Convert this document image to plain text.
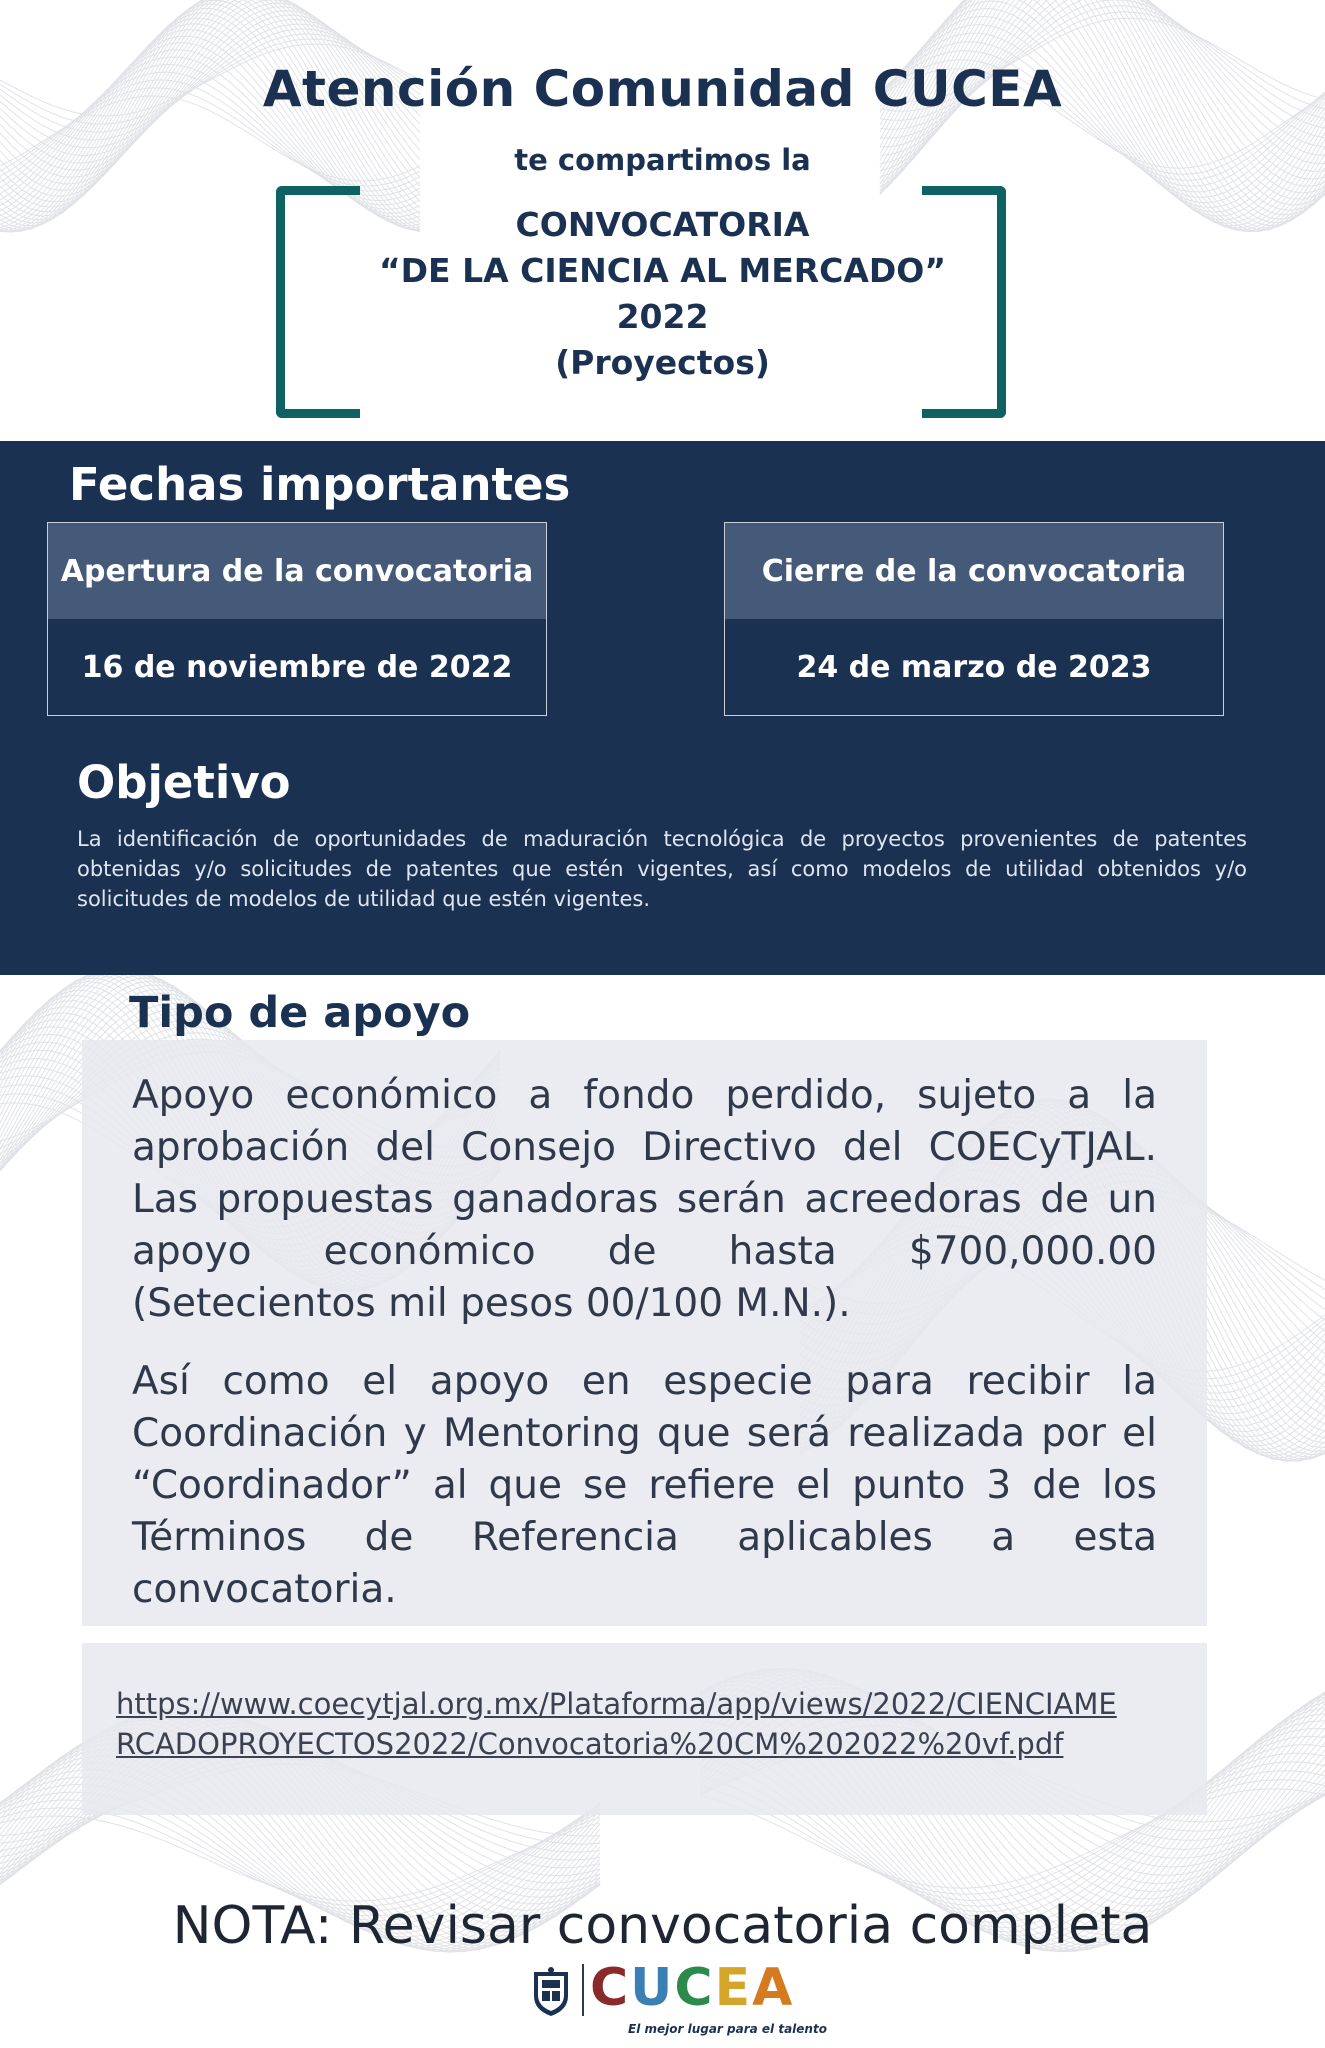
Atención Comunidad CUCEA
te compartimos la
CONVOCATORIA
“DE LA CIENCIA AL MERCADO”
2022
(Proyectos)
Fechas importantes
Apertura de la convocatoria
16 de noviembre de 2022
Cierre de la convocatoria
24 de marzo de 2023
Objetivo
La identificación de oportunidades de maduración tecnológica de proyectos provenientes de patentes obtenidas y/o solicitudes de patentes que estén vigentes, así como modelos de utilidad obtenidos y/o solicitudes de modelos de utilidad que estén vigentes.
Tipo de apoyo

Apoyo económico a fondo perdido, sujeto a la aprobación del Consejo Directivo del COECyTJAL. Las propuestas ganadoras serán acreedoras de un apoyo económico de hasta $700,000.00 (Setecientos mil pesos 00/100 M.N.).

Así como el apoyo en especie para recibir la Coordinación y Mentoring que será realizada por el “Coordinador” al que se refiere el punto 3 de los Términos de Referencia aplicables a esta convocatoria.

https://www.coecytjal.org.mx/Plataforma/app/views/2022/CIENCIAMERCADOPROYECTOS2022/Convocatoria%20CM%202022%20vf.pdf
NOTA: Revisar convocatoria completa
CUCEA
El mejor lugar para el talento
